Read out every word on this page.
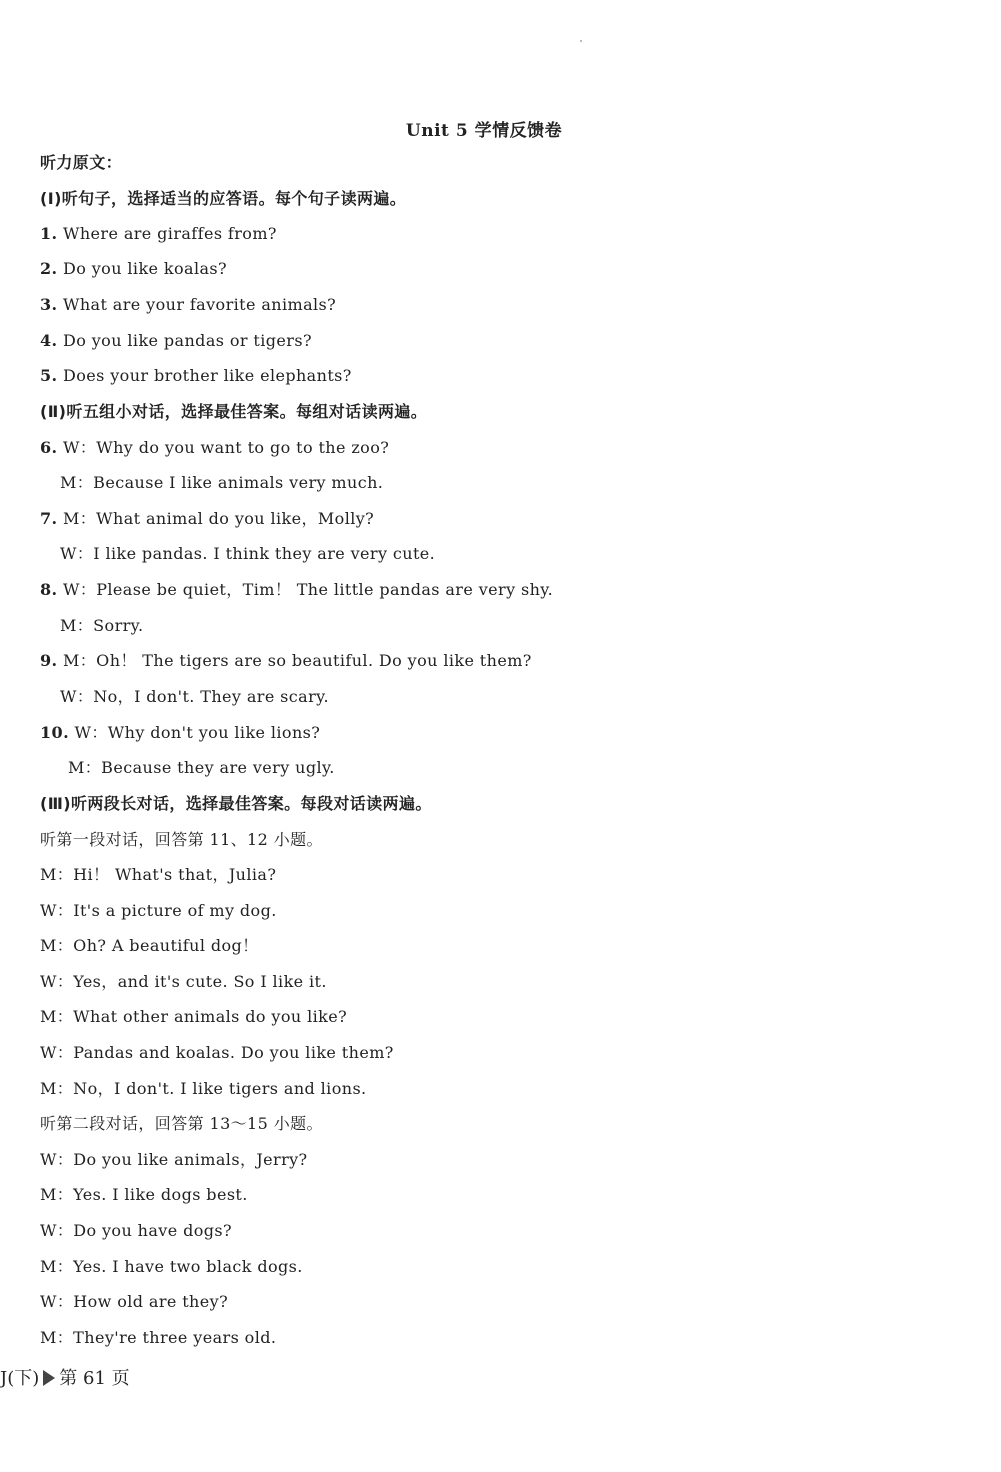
Unit 5 学情反馈卷
听力原文：
(Ⅰ)听句子，选择适当的应答语。每个句子读两遍。
1. Where are giraffes from?
2. Do you like koalas?
3. What are your favorite animals?
4. Do you like pandas or tigers?
5. Does your brother like elephants?
(Ⅱ)听五组小对话，选择最佳答案。每组对话读两遍。
6. W：Why do you want to go to the zoo?
M：Because I like animals very much.
7. M：What animal do you like，Molly?
W：I like pandas. I think they are very cute.
8. W：Please be quiet，Tim！ The little pandas are very shy.
M：Sorry.
9. M：Oh！ The tigers are so beautiful. Do you like them?
W：No，I don't. They are scary.
10. W：Why don't you like lions?
M：Because they are very ugly.
(Ⅲ)听两段长对话，选择最佳答案。每段对话读两遍。
听第一段对话，回答第 11、12 小题。
M：Hi！ What's that，Julia?
W：It's a picture of my dog.
M：Oh? A beautiful dog！
W：Yes，and it's cute. So I like it.
M：What other animals do you like?
W：Pandas and koalas. Do you like them?
M：No，I don't. I like tigers and lions.
听第二段对话，回答第 13～15 小题。
W：Do you like animals，Jerry?
M：Yes. I like dogs best.
W：Do you have dogs?
M：Yes. I have two black dogs.
W：How old are they?
M：They're three years old.
J(下) 第 61 页
